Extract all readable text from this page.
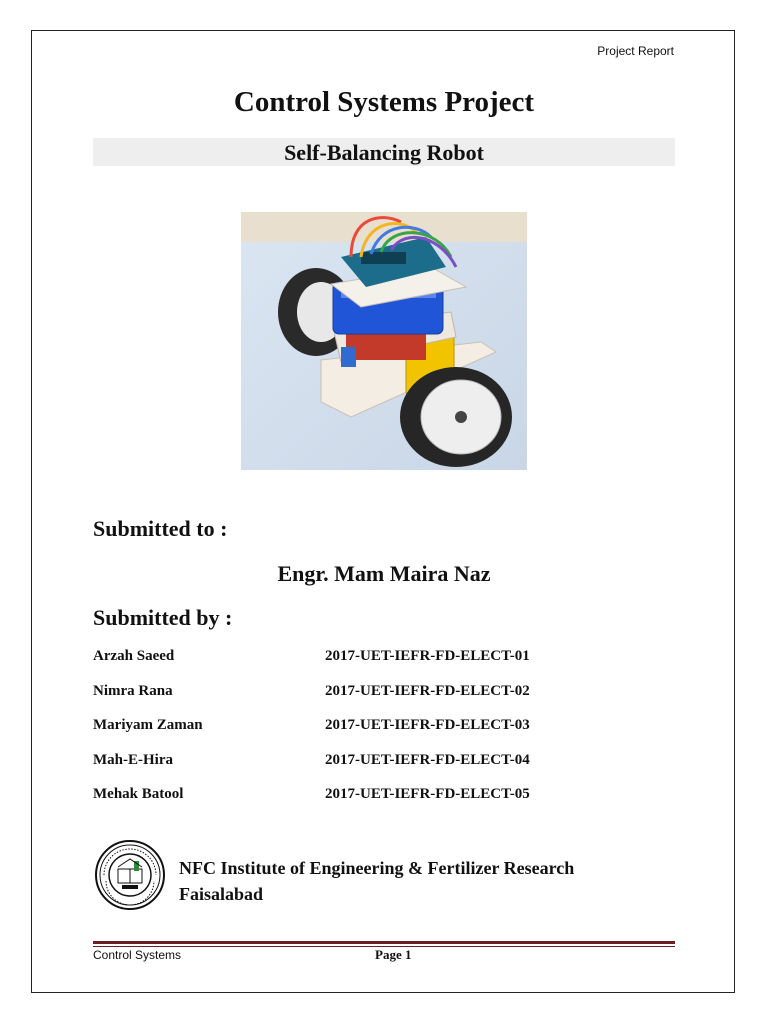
Project Report
Control Systems Project
Self-Balancing Robot
Submitted to :
Engr. Mam Maira Naz
Submitted by :
Arzah Saeed	2017-UET-IEFR-FD-ELECT-01
Nimra Rana	2017-UET-IEFR-FD-ELECT-02
Mariyam Zaman	2017-UET-IEFR-FD-ELECT-03
Mah-E-Hira	2017-UET-IEFR-FD-ELECT-04
Mehak Batool	2017-UET-IEFR-FD-ELECT-05
NFC Institute of Engineering & Fertilizer Research
Faisalabad
Control Systems	Page 1
